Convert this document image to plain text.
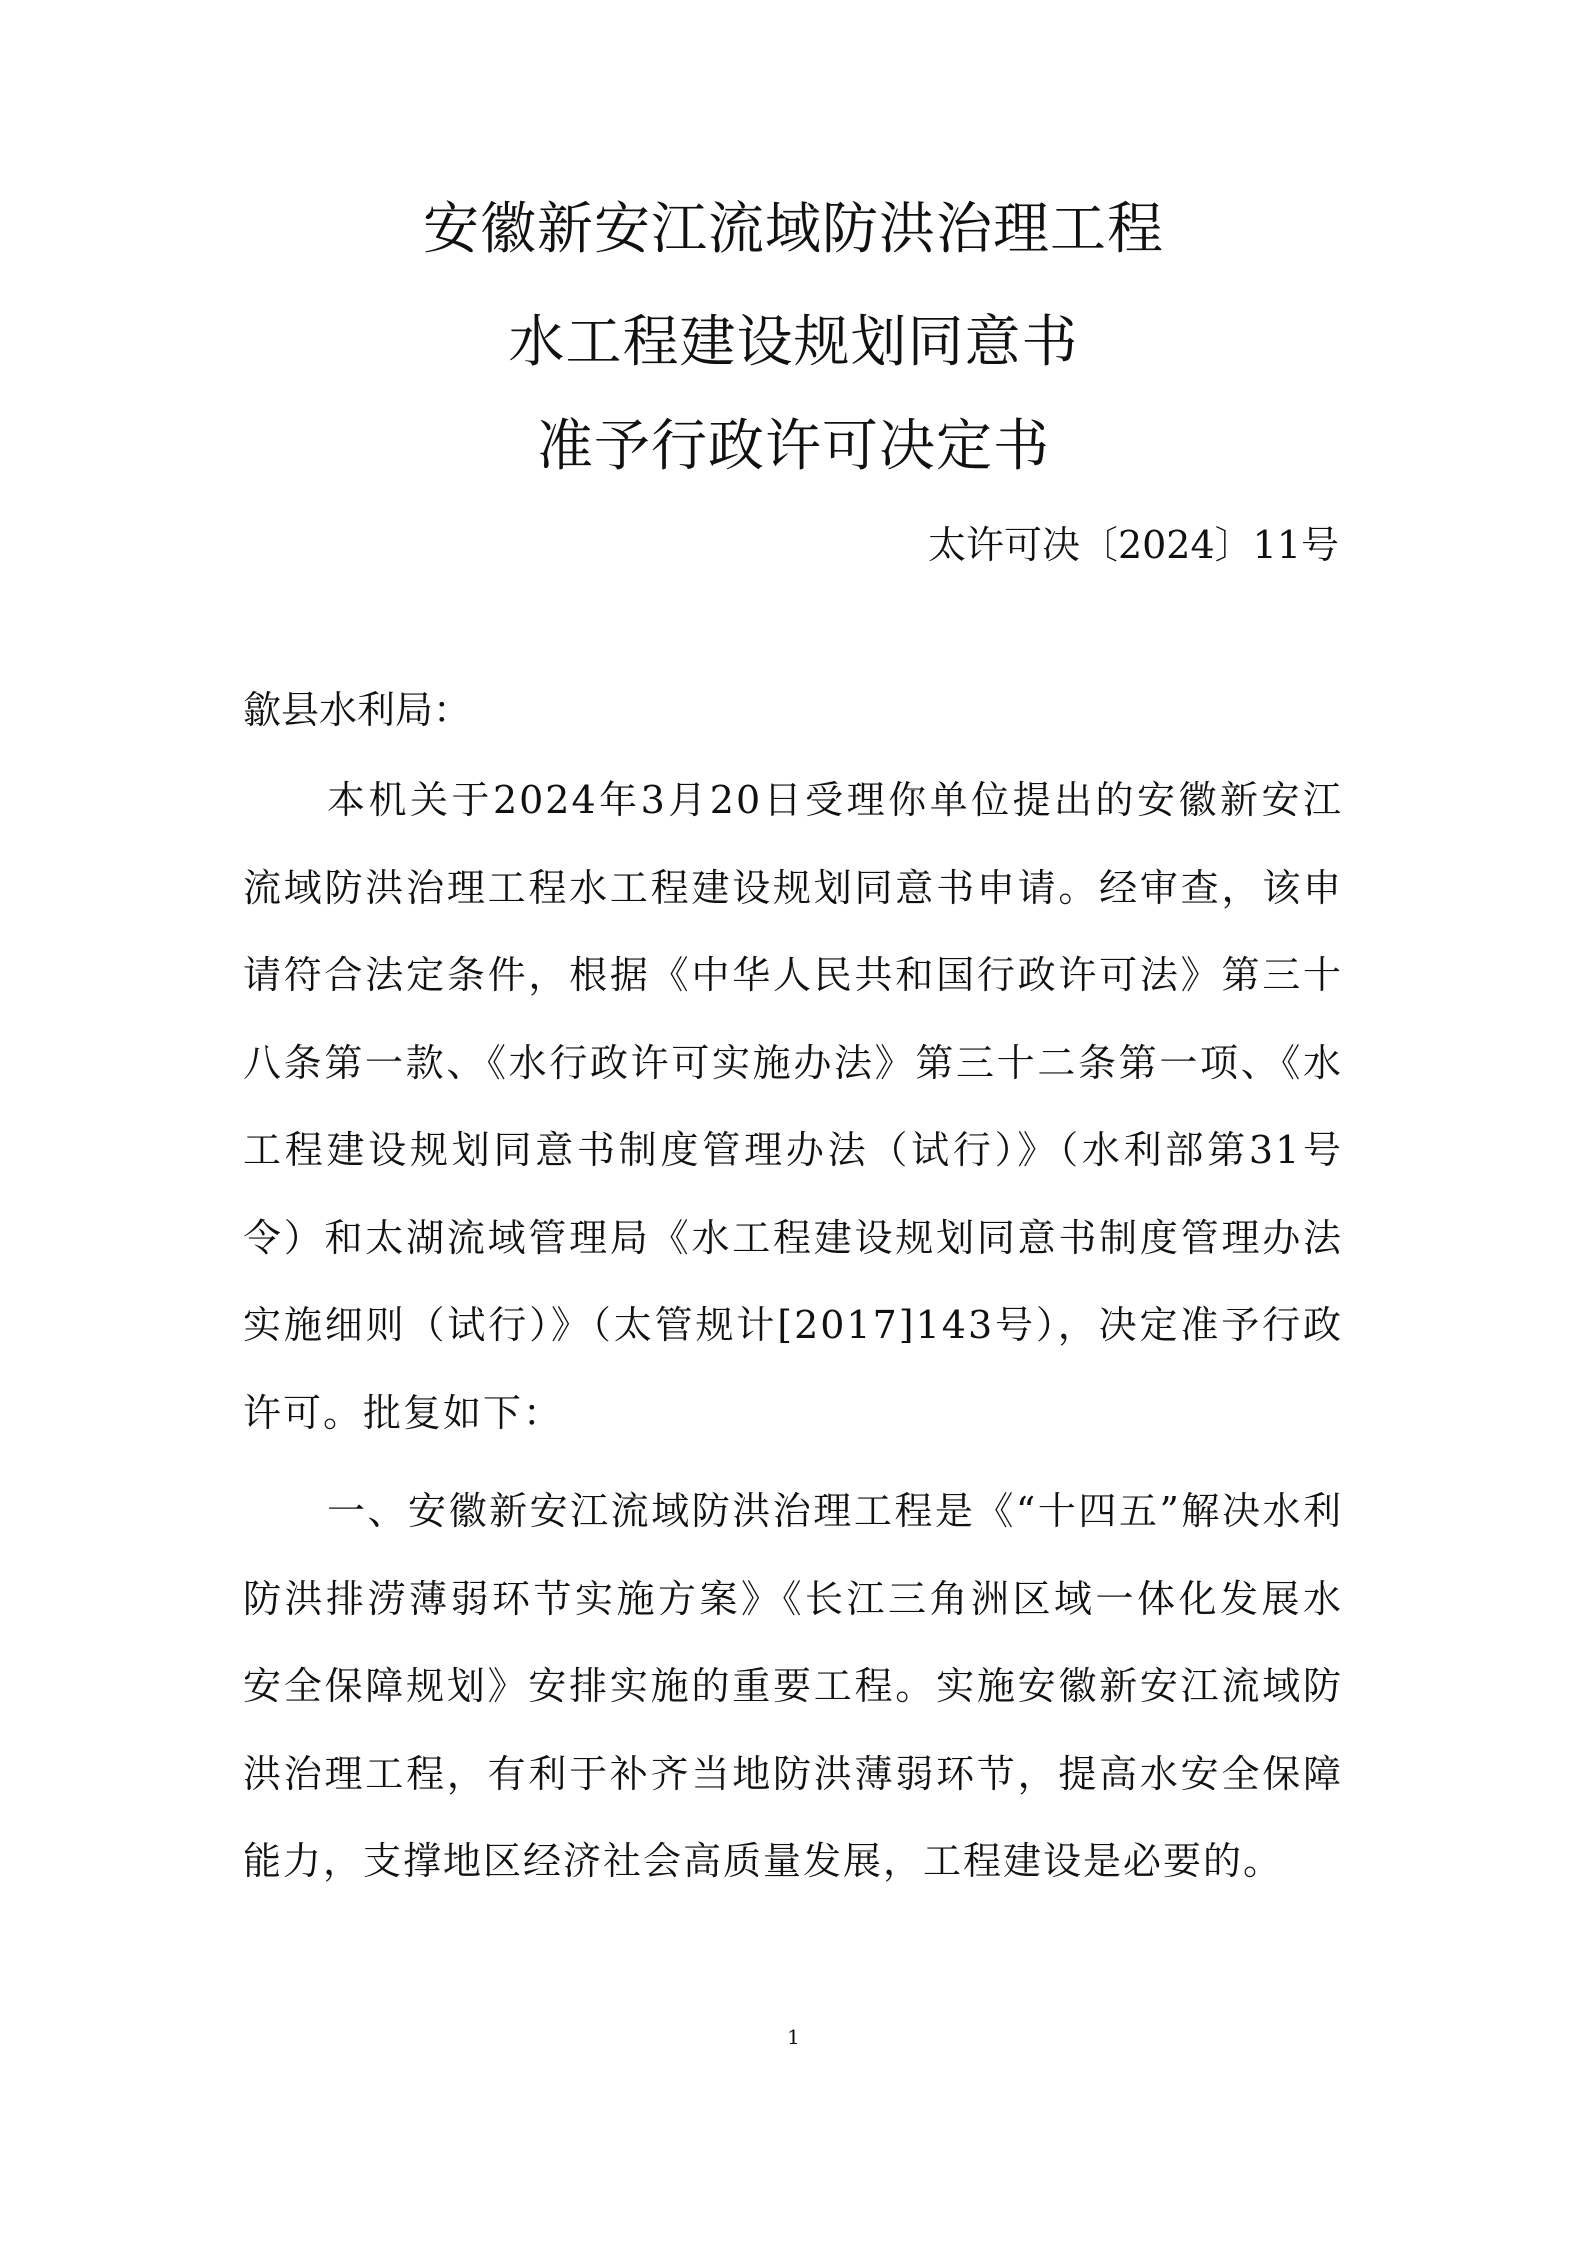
安徽新安江流域防洪治理工程
水工程建设规划同意书
准予行政许可决定书
太许可决〔2024〕11号
歙县水利局：

本机关于2024年3月20日受理你单位提出的安徽新安江流域防洪治理工程水工程建设规划同意书申请。经审查，该申请符合法定条件，根据《中华人民共和国行政许可法》第三十八条第一款、《水行政许可实施办法》第三十二条第一项、《水工程建设规划同意书制度管理办法（试行）》（水利部第31号令）和太湖流域管理局《水工程建设规划同意书制度管理办法实施细则（试行）》（太管规计[2017]143号），决定准予行政许可。批复如下：

一、安徽新安江流域防洪治理工程是《“十四五”解决水利防洪排涝薄弱环节实施方案》《长江三角洲区域一体化发展水安全保障规划》安排实施的重要工程。实施安徽新安江流域防洪治理工程，有利于补齐当地防洪薄弱环节，提高水安全保障能力，支撑地区经济社会高质量发展，工程建设是必要的。

1
